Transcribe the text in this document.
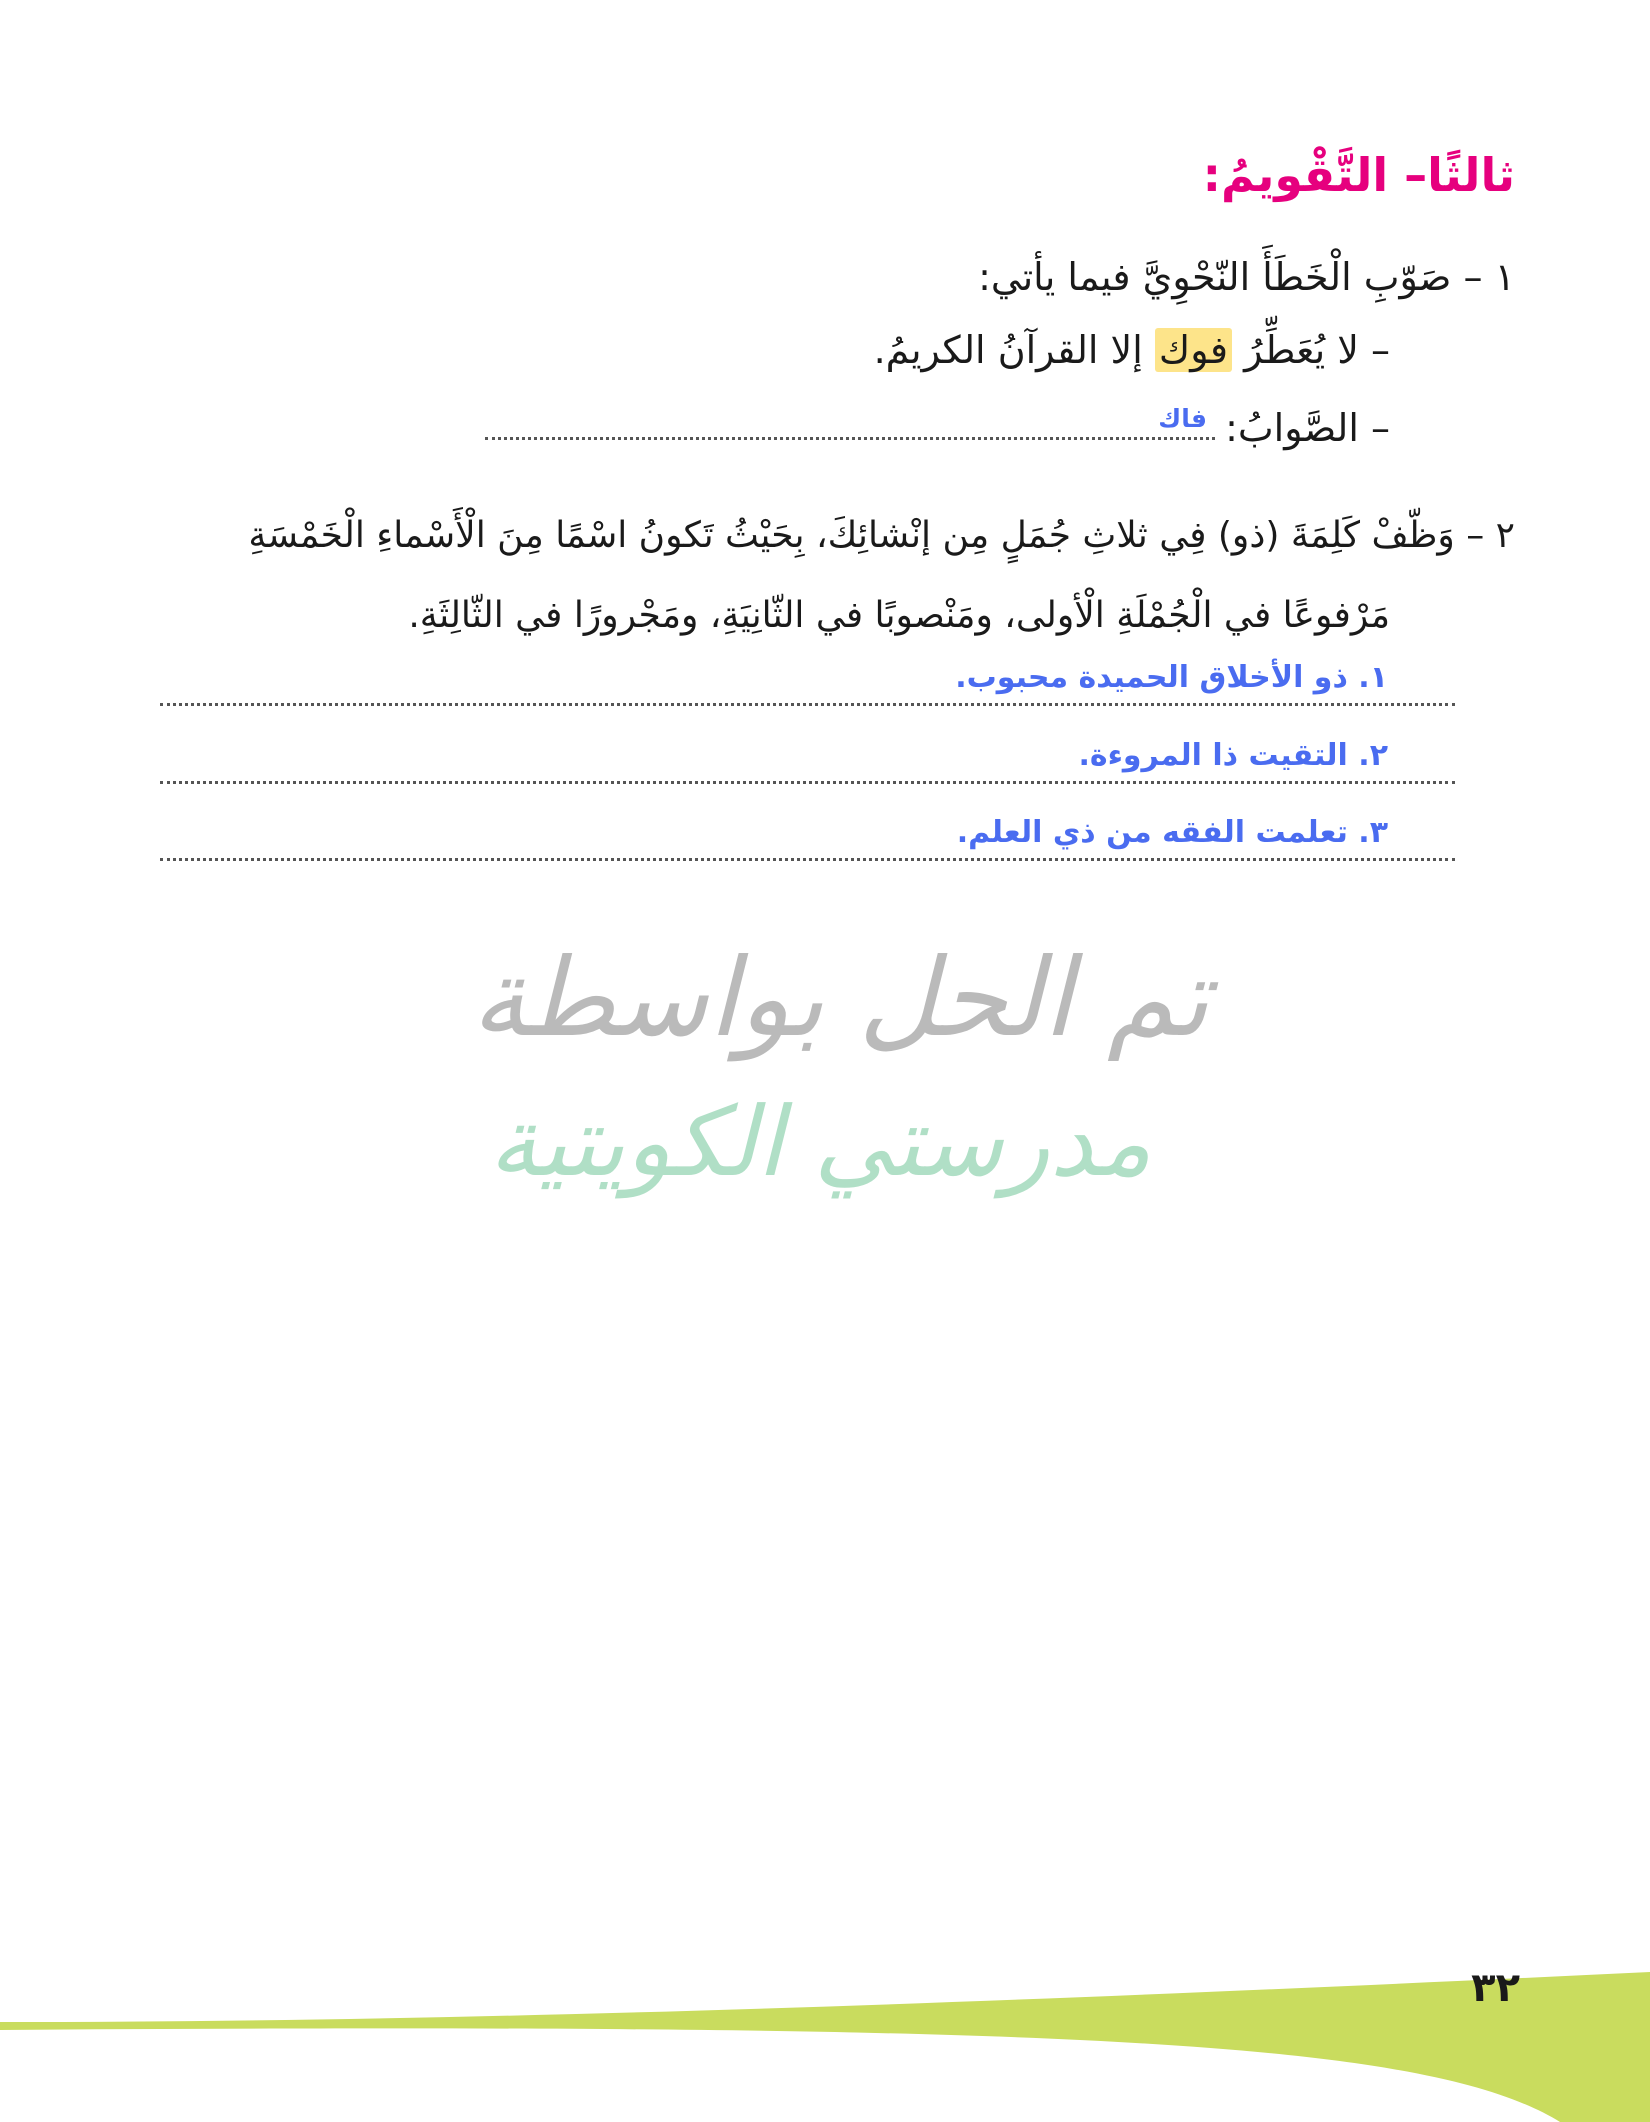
ثالثًا– التَّقْويمُ:
١ – صَوّبِ الْخَطَأَ النّحْوِيَّ فيما يأتي:
– لا يُعَطِّرُ فوك إلا القرآنُ الكريمُ.
– الصَّوابُ: $^{فاك}$
٢ – وَظّفْ كَلِمَةَ (ذو) فِي ثلاثِ جُمَلٍ مِن إنْشائِكَ، بِحَيْثُ تَكونُ اسْمًا مِنَ الْأَسْماءِ الْخَمْسَةِ
مَرْفوعًا في الْجُمْلَةِ الْأولى، ومَنْصوبًا في الثّانِيَةِ، ومَجْرورًا في الثّالِثَةِ.
١. ذو الأخلاق الحميدة محبوب.
٢. التقيت ذا المروءة.
٣. تعلمت الفقه من ذي العلم.
تم الحل بواسطة
مدرستي الكويتية
٣٢
